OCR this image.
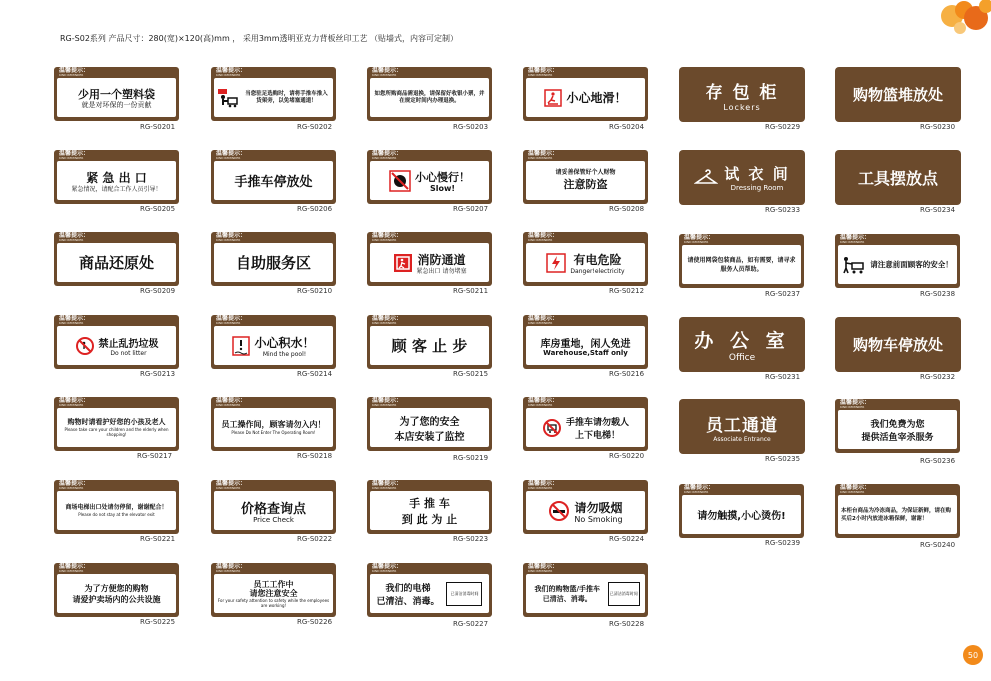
RG-S02系列 产品尺寸：280(宽)×120(高)mm ， 采用3mm透明亚克力背板丝印工艺 （贴墙式，内容可定制）
50
温馨提示：
KIND REMINDER
少用一个塑料袋
就是对环保的一份贡献
RG-S0201
温馨提示：
KIND REMINDER
当您驻足选购时，请将手推车推入货架旁，以免堵塞通道！
RG-S0202
温馨提示：
KIND REMINDER
如您所购商品需退换，请保留好收银小票，并在规定时间内办理退换。
RG-S0203
温馨提示：
KIND REMINDER
小心地滑！
RG-S0204
存 包 柜
Lockers
RG-S0229
购物篮堆放处
RG-S0230
温馨提示：
KIND REMINDER
紧 急 出 口
紧急情况，请配合工作人员引导！
RG-S0205
温馨提示：
KIND REMINDER
手推车停放处
RG-S0206
温馨提示：
KIND REMINDER
小心慢行！
Slow!
RG-S0207
温馨提示：
KIND REMINDER
请妥善保管好个人财物
注意防盗
RG-S0208
试 衣 间
Dressing Room
RG-S0233
工具摆放点
RG-S0234
温馨提示：
KIND REMINDER
商品还原处
RG-S0209
温馨提示：
KIND REMINDER
自助服务区
RG-S0210
温馨提示：
KIND REMINDER
消防通道
紧急出口 请勿堵塞
RG-S0211
温馨提示：
KIND REMINDER
有电危险
Danger!electricity
RG-S0212
温馨提示：
KIND REMINDER
请使用网袋包装商品，如有需要，请寻求服务人员帮助。
RG-S0237
温馨提示：
KIND REMINDER
请注意前面顾客的安全！
RG-S0238
温馨提示：
KIND REMINDER
禁止乱扔垃圾
Do not litter
RG-S0213
温馨提示：
KIND REMINDER
小心积水！
Mind the pool!
RG-S0214
温馨提示：
KIND REMINDER
顾 客 止 步
RG-S0215
温馨提示：
KIND REMINDER
库房重地，闲人免进
Warehouse,Staff only
RG-S0216
办 公 室
Office
RG-S0231
购物车停放处
RG-S0232
温馨提示：
KIND REMINDER
购物时请看护好您的小孩及老人
Please take care your children and the elderly when shopping!
RG-S0217
温馨提示：
KIND REMINDER
员工操作间，顾客请勿入内！
Please Do Not Enter The Operating Room!
RG-S0218
温馨提示：
KIND REMINDER
为了您的安全
本店安装了监控
RG-S0219
温馨提示：
KIND REMINDER
手推车请勿载人
上下电梯！
RG-S0220
员工通道
Associate Entrance
RG-S0235
温馨提示：
KIND REMINDER
我们免费为您
提供活鱼宰杀服务
RG-S0236
温馨提示：
KIND REMINDER
商场电梯出口处请勿停留，谢谢配合！
Please do not stay at the elevator exit
RG-S0221
温馨提示：
KIND REMINDER
价格查询点
Price Check
RG-S0222
温馨提示：
KIND REMINDER
手 推 车
到 此 为 止
RG-S0223
温馨提示：
KIND REMINDER
请勿吸烟
No Smoking
RG-S0224
温馨提示：
KIND REMINDER
请勿触摸,小心烫伤!
RG-S0239
温馨提示：
KIND REMINDER
本柜台商品为冷冻商品，为保证新鲜，请在购买后2小时内放进冰箱保鲜，谢谢！
RG-S0240
温馨提示：
KIND REMINDER
为了方便您的购物
请爱护卖场内的公共设施
RG-S0225
温馨提示：
KIND REMINDER
员工工作中
请您注意安全
For your safety attention to safety while the employees are working!
RG-S0226
温馨提示：
KIND REMINDER
我们的电梯
已清洁、消毒。
已清洁消毒时间
RG-S0227
温馨提示：
KIND REMINDER
我们的购物篮/手推车已清洁、消毒。
已清洁消毒时间
RG-S0228
